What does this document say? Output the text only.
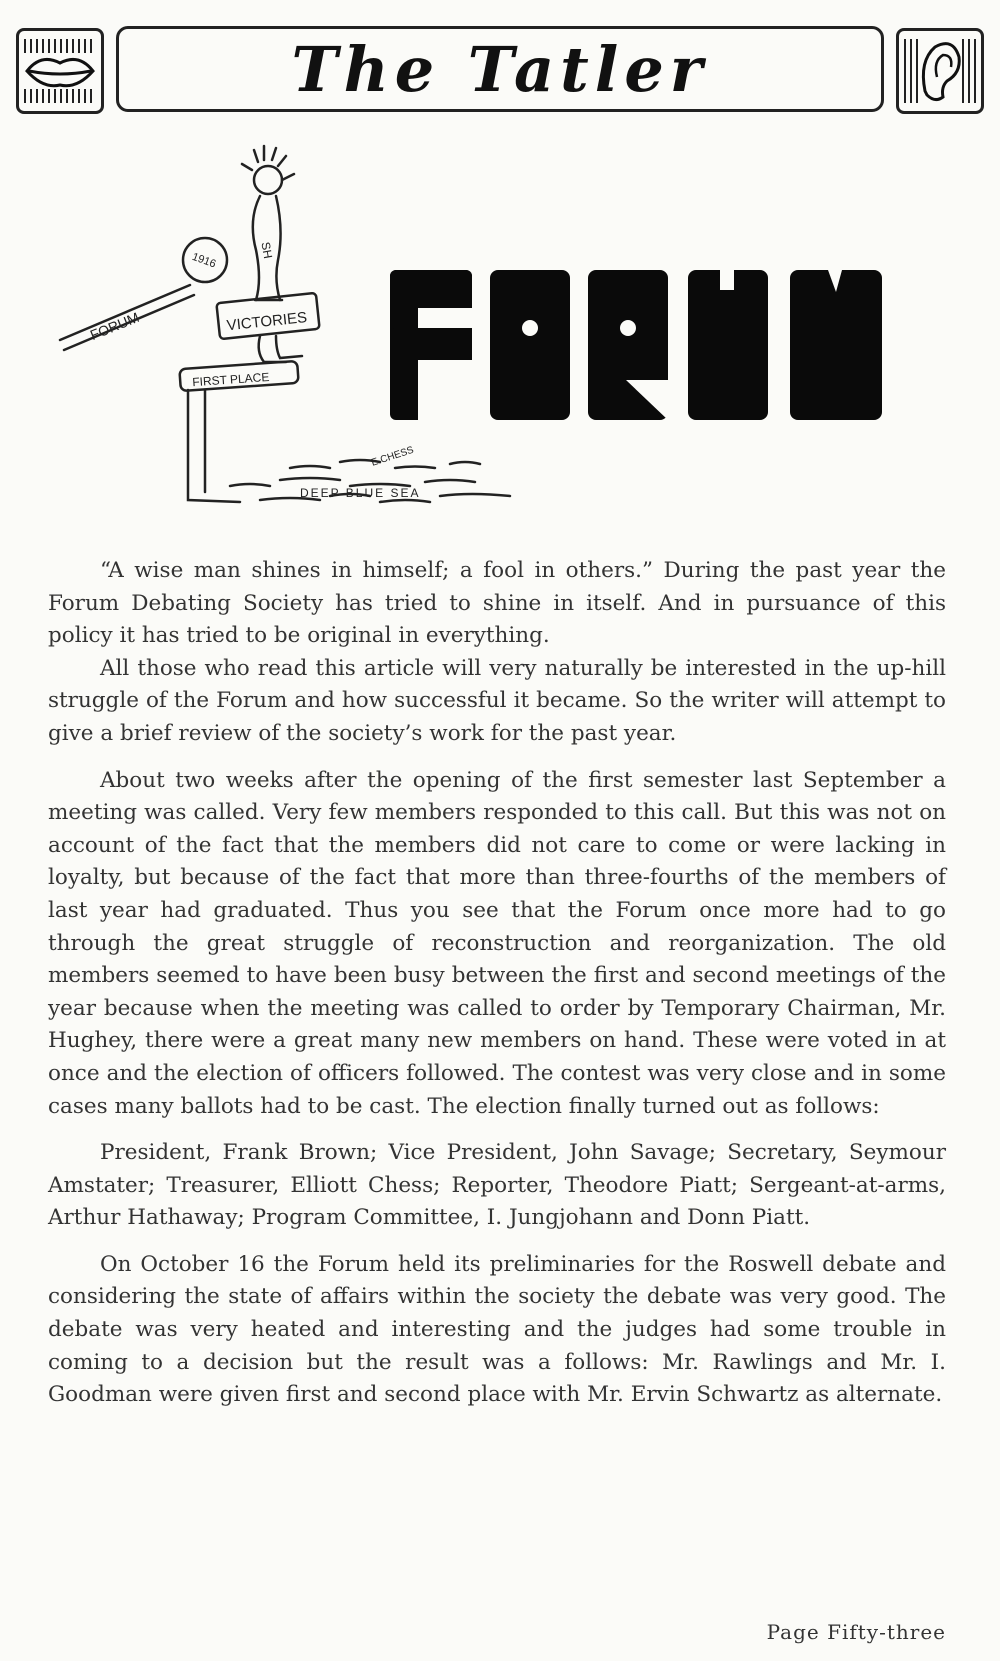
The Tatler
FORUM
1916
SH
VICTORIES
FIRST PLACE
E.CHESS
DEEP BLUE SEA

“A wise man shines in himself; a fool in others.” During the past year the Forum Debating Society has tried to shine in itself. And in pursuance of this policy it has tried to be original in everything.

All those who read this article will very naturally be interested in the up-hill struggle of the Forum and how successful it became. So the writer will attempt to give a brief review of the society’s work for the past year.

About two weeks after the opening of the first semester last September a meeting was called. Very few members responded to this call. But this was not on account of the fact that the members did not care to come or were lacking in loyalty, but because of the fact that more than three-fourths of the members of last year had graduated. Thus you see that the Forum once more had to go through the great struggle of reconstruction and reorganization. The old members seemed to have been busy between the first and second meetings of the year because when the meeting was called to order by Temporary Chairman, Mr. Hughey, there were a great many new members on hand. These were voted in at once and the election of officers followed. The contest was very close and in some cases many ballots had to be cast. The election finally turned out as follows:

President, Frank Brown; Vice President, John Savage; Secretary, Seymour Amstater; Treasurer, Elliott Chess; Reporter, Theodore Piatt; Sergeant-at-arms, Arthur Hathaway; Program Committee, I. Jungjohann and Donn Piatt.

On October 16 the Forum held its preliminaries for the Roswell debate and considering the state of affairs within the society the debate was very good. The debate was very heated and interesting and the judges had some trouble in coming to a decision but the result was a follows: Mr. Rawlings and Mr. I. Goodman were given first and second place with Mr. Ervin Schwartz as alternate.

Page Fifty-three
